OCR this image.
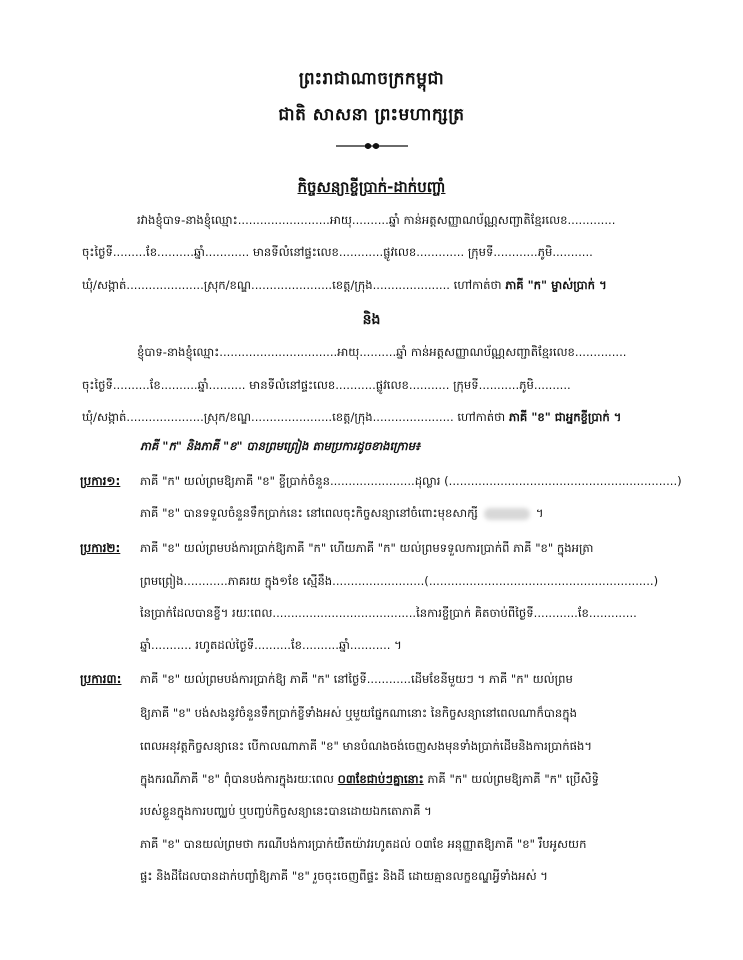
ព្រះរាជាណាចក្រកម្ពុជា
ជាតិ សាសនា ព្រះមហាក្សត្រ
កិច្ចសន្យាខ្ចីប្រាក់-ដាក់បញ្ចាំ
រវាងខ្ញុំបាទ-នាងខ្ញុំឈ្មោះ.........................អាយុ..........ឆ្នាំ កាន់អត្តសញ្ញាណប័ណ្ណសញ្ជាតិខ្មែរលេខ.............
ចុះថ្ងៃទី.........ខែ..........ឆ្នាំ............ មានទីលំនៅផ្ទះលេខ............ផ្លូវលេខ............. ក្រុមទី............ភូមិ...........
ឃុំ/សង្កាត់.....................ស្រុក/ខណ្ឌ......................ខេត្ត/ក្រុង..................... ហៅកាត់ថា ភាគី "ក" ម្ចាស់ប្រាក់ ។
និង
ខ្ញុំបាទ-នាងខ្ញុំឈ្មោះ................................អាយុ..........ឆ្នាំ កាន់អត្តសញ្ញាណប័ណ្ណសញ្ជាតិខ្មែរលេខ..............
ចុះថ្ងៃទី..........ខែ..........ឆ្នាំ.......... មានទីលំនៅផ្ទះលេខ...........ផ្លូវលេខ........... ក្រុមទី...........ភូមិ..........
ឃុំ/សង្កាត់.....................ស្រុក/ខណ្ឌ......................ខេត្ត/ក្រុង...................... ហៅកាត់ថា ភាគី "ខ" ជាអ្នកខ្ចីប្រាក់ ។
ភាគី "ក" និងភាគី "ខ" បានព្រមព្រៀង តាមប្រការដូចខាងក្រោម៖
ប្រការ១: ភាគី "ក" យល់ព្រមឱ្យភាគី "ខ" ខ្ចីប្រាក់ចំនួន.......................ដុល្លារ (..............................................................)
ភាគី "ខ" បានទទួលចំនួនទឹកប្រាក់នេះ នៅពេលចុះកិច្ចសន្យានៅចំពោះមុខសាក្សី	។
ប្រការ២: ភាគី "ខ" យល់ព្រមបង់ការប្រាក់ឱ្យភាគី "ក" ហើយភាគី "ក" យល់ព្រមទទួលការប្រាក់ពី ភាគី "ខ" ក្នុងអត្រា
ព្រមព្រៀង............ភាគរយ ក្នុង១ខែ ស្មើនឹង.........................(.............................................................)
នៃប្រាក់ដែលបានខ្ចី។ រយៈពេល.......................................នៃការខ្ចីប្រាក់ គិតចាប់ពីថ្ងៃទី............ខែ.............
ឆ្នាំ........... រហូតដល់ថ្ងៃទី..........ខែ..........ឆ្នាំ........... ។
ប្រការ៣: ភាគី "ខ" យល់ព្រមបង់ការប្រាក់ឱ្យ ភាគី "ក" នៅថ្ងៃទី............ដើមខែនីមួយៗ ។ ភាគី "ក" យល់ព្រម
ឱ្យភាគី "ខ" បង់សងនូវចំនួនទឹកប្រាក់ខ្ចីទាំងអស់ ឬមួយផ្នែកណានោះ នៃកិច្ចសន្យានៅពេលណាក៏បានក្នុង
ពេលអនុវត្តកិច្ចសន្យានេះ បើកាលណាភាគី "ខ" មានបំណងចង់ចេញសងមុនទាំងប្រាក់ដើមនិងការប្រាក់ផង។
ក្នុងករណីភាគី "ខ" ពុំបានបង់ការក្នុងរយៈពេល ០៣ខែជាប់ៗគ្នានោះ ភាគី "ក" យល់ព្រមឱ្យភាគី "ក" ប្រើសិទ្ធិ
របស់ខ្លួនក្នុងការបញ្ឈប់ ឬបញ្ចប់កិច្ចសន្យានេះបានដោយឯកតោភាគី ។
ភាគី "ខ" បានយល់ព្រមថា ករណីបង់ការប្រាក់យឺតយ៉ាវរហូតដល់ ០៣ខែ អនុញ្ញាតឱ្យភាគី "ខ" រឹបអូសយក
ផ្ទះ និងដីដែលបានដាក់បញ្ចាំឱ្យភាគី "ខ" រួចចុះចេញពីផ្ទះ និងដី ដោយគ្មានលក្ខខណ្ឌអ្វីទាំងអស់ ។
